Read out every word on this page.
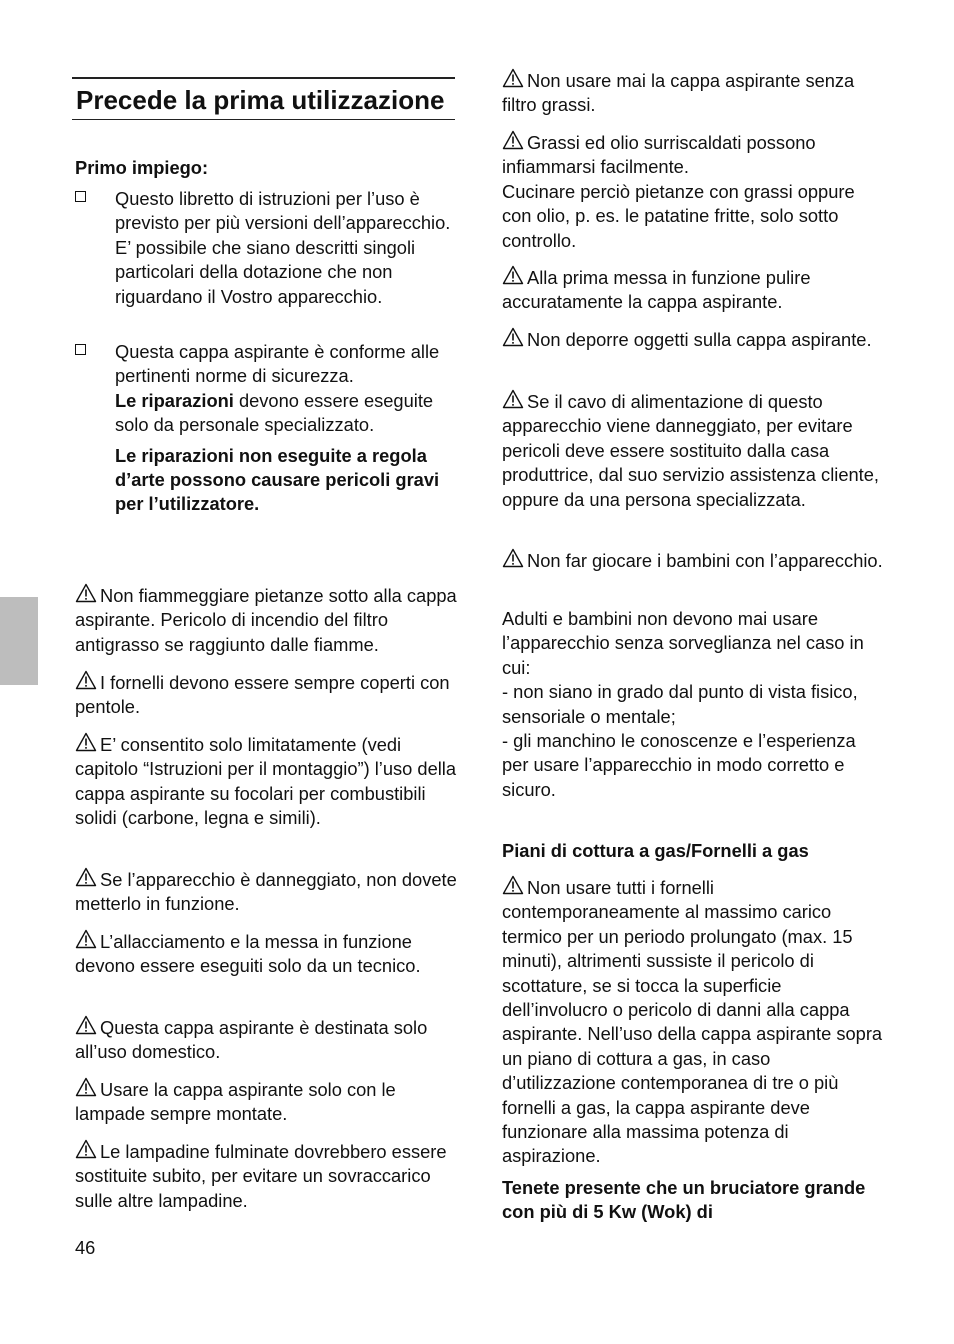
Precede la prima utilizzazione

Primo impiego:

Questo libretto di istruzioni per l’uso è previsto per più versioni dell’apparecchio.

E’ possibile che siano descritti singoli particolari della dotazione che non riguardano il Vostro apparecchio.

Questa cappa aspirante è conforme alle pertinenti norme di sicurezza.

Le riparazioni devono essere eseguite solo da personale specializzato.

Le riparazioni non eseguite a regola d’arte possono causare pericoli gravi per l’utilizzatore.

Non fiammeggiare pietanze sotto alla cappa aspirante. Pericolo di incendio del filtro antigrasso se raggiunto dalle fiamme.

I fornelli devono essere sempre coperti con pentole.

E’ consentito solo limitatamente (vedi capitolo “Istruzioni per il montaggio”) l’uso della cappa aspirante su focolari per combustibili solidi (carbone, legna e simili).

Se l’apparecchio è danneggiato, non dovete metterlo in funzione.

L’allacciamento e la messa in funzione devono essere eseguiti solo da un tecnico.

Questa cappa aspirante è destinata solo all’uso domestico.

Usare la cappa aspirante solo con le lampade sempre montate.

Le lampadine fulminate dovrebbero essere sostituite subito, per evitare un sovraccarico sulle altre lampadine.

Non usare mai la cappa aspirante senza filtro grassi.

Grassi ed olio surriscaldati possono infiammarsi facilmente.

Cucinare perciò pietanze con grassi oppure con olio, p. es. le patatine fritte, solo sotto controllo.

Alla prima messa in funzione pulire accuratamente la cappa aspirante.

Non deporre oggetti sulla cappa aspirante.

Se il cavo di alimentazione di questo apparecchio viene danneggiato, per evitare pericoli deve essere sostituito dalla casa produttrice, dal suo servizio assistenza cliente, oppure da una persona specializzata.

Non far giocare i bambini con l’apparecchio.

Adulti e bambini non devono mai usare l’apparecchio senza sorveglianza nel caso in cui:

- non siano in grado dal punto di vista fisico, sensoriale o mentale;

- gli manchino le conoscenze e l’esperienza per usare l’apparecchio in modo corretto e sicuro.

Piani di cottura a gas/Fornelli a gas

Non usare tutti i fornelli contemporaneamente al massimo carico termico per un periodo prolungato (max. 15 minuti), altrimenti sussiste il pericolo di scottature, se si tocca la superficie dell’involucro o pericolo di danni alla cappa aspirante. Nell’uso della cappa aspirante sopra un piano di cottura a gas, in caso d’utilizzazione contemporanea di tre o più fornelli a gas, la cappa aspirante deve funzionare alla massima potenza di aspirazione.

Tenete presente che un bruciatore grande con più di 5 Kw (Wok) di

46
